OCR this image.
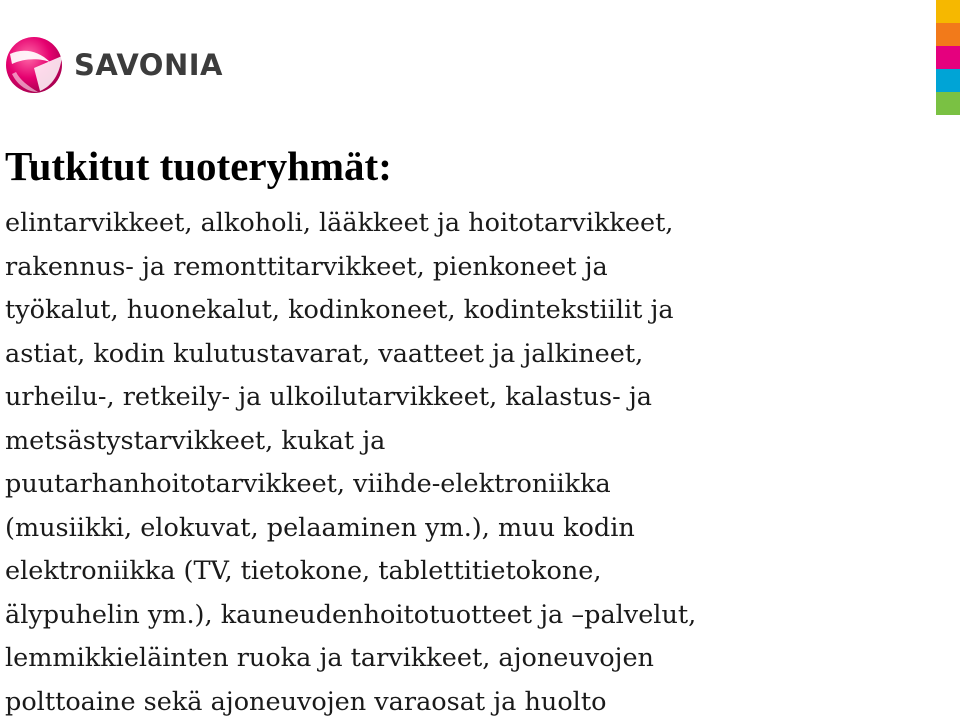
SAVONIA
Tutkitut tuoteryhmät:
elintarvikkeet, alkoholi, lääkkeet ja hoitotarvikkeet,
rakennus- ja remonttitarvikkeet, pienkoneet ja
työkalut, huonekalut, kodinkoneet, kodintekstiilit ja
astiat, kodin kulutustavarat, vaatteet ja jalkineet,
urheilu-, retkeily- ja ulkoilutarvikkeet, kalastus- ja
metsästystarvikkeet, kukat ja
puutarhanhoitotarvikkeet, viihde-elektroniikka
(musiikki, elokuvat, pelaaminen ym.), muu kodin
elektroniikka (TV, tietokone, tablettitietokone,
älypuhelin ym.), kauneudenhoitotuotteet ja –palvelut,
lemmikkieläinten ruoka ja tarvikkeet, ajoneuvojen
polttoaine sekä ajoneuvojen varaosat ja huolto
